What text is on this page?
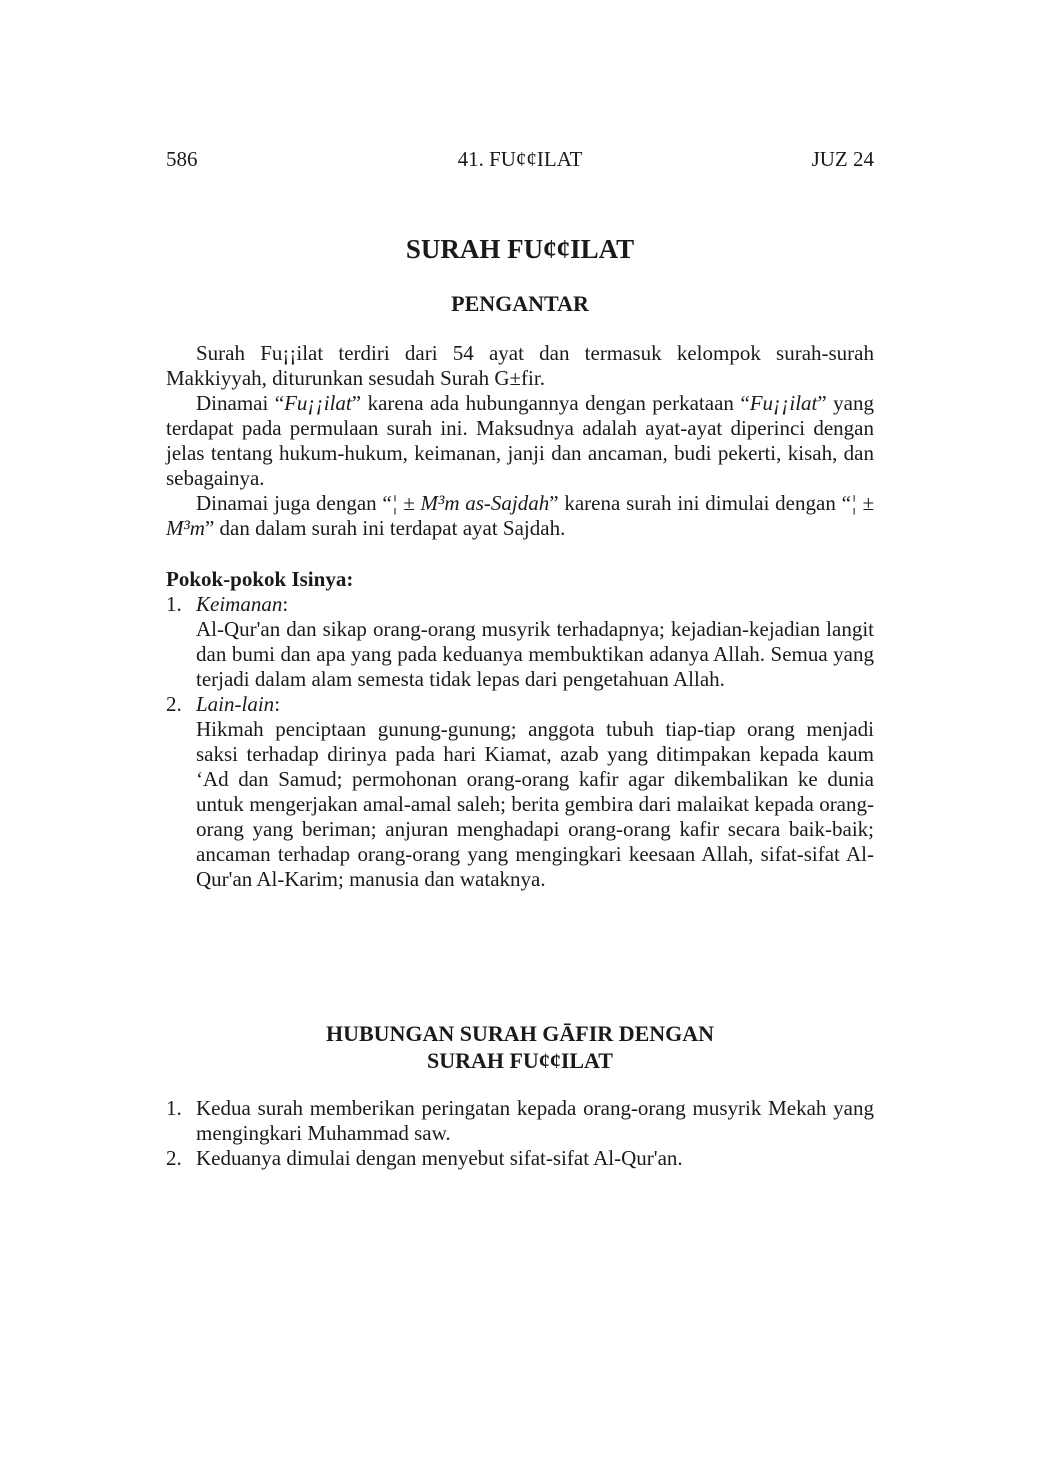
586	41. FU¢¢ILAT	JUZ 24
SURAH FU¢¢ILAT
PENGANTAR

Surah Fu¡¡ilat terdiri dari 54 ayat dan termasuk kelompok surah-surah Makkiyyah, diturunkan sesudah Surah G±fir.

Dinamai “Fu¡¡ilat” karena ada hubungannya dengan perkataan “Fu¡¡ilat” yang terdapat pada permulaan surah ini. Maksudnya adalah ayat-ayat diperinci dengan jelas tentang hukum-hukum, keimanan, janji dan ancaman, budi pekerti, kisah, dan sebagainya.

Dinamai juga dengan “¦ ± M³m as-Sajdah” karena surah ini dimulai dengan “¦ ± M³m” dan dalam surah ini terdapat ayat Sajdah.

Pokok-pokok Isinya:
1. Keimanan:

Al-Qur'an dan sikap orang-orang musyrik terhadapnya; kejadian-kejadian langit dan bumi dan apa yang pada keduanya membuktikan adanya Allah. Semua yang terjadi dalam alam semesta tidak lepas dari pengetahuan Allah.

2. Lain-lain:

Hikmah penciptaan gunung-gunung; anggota tubuh tiap-tiap orang menjadi saksi terhadap dirinya pada hari Kiamat, azab yang ditimpakan kepada kaum ‘Ad dan Samud; permohonan orang-orang kafir agar dikembalikan ke dunia untuk mengerjakan amal-amal saleh; berita gembira dari malaikat kepada orang-orang yang beriman; anjuran menghadapi orang-orang kafir secara baik-baik; ancaman terhadap orang-orang yang mengingkari keesaan Allah, sifat-sifat Al-Qur'an Al-Karim; manusia dan wataknya.

HUBUNGAN SURAH GĀFIR DENGAN
SURAH FU¢¢ILAT
1. Kedua surah memberikan peringatan kepada orang-orang musyrik Mekah yang mengingkari Muhammad saw.
2. Keduanya dimulai dengan menyebut sifat-sifat Al-Qur'an.
